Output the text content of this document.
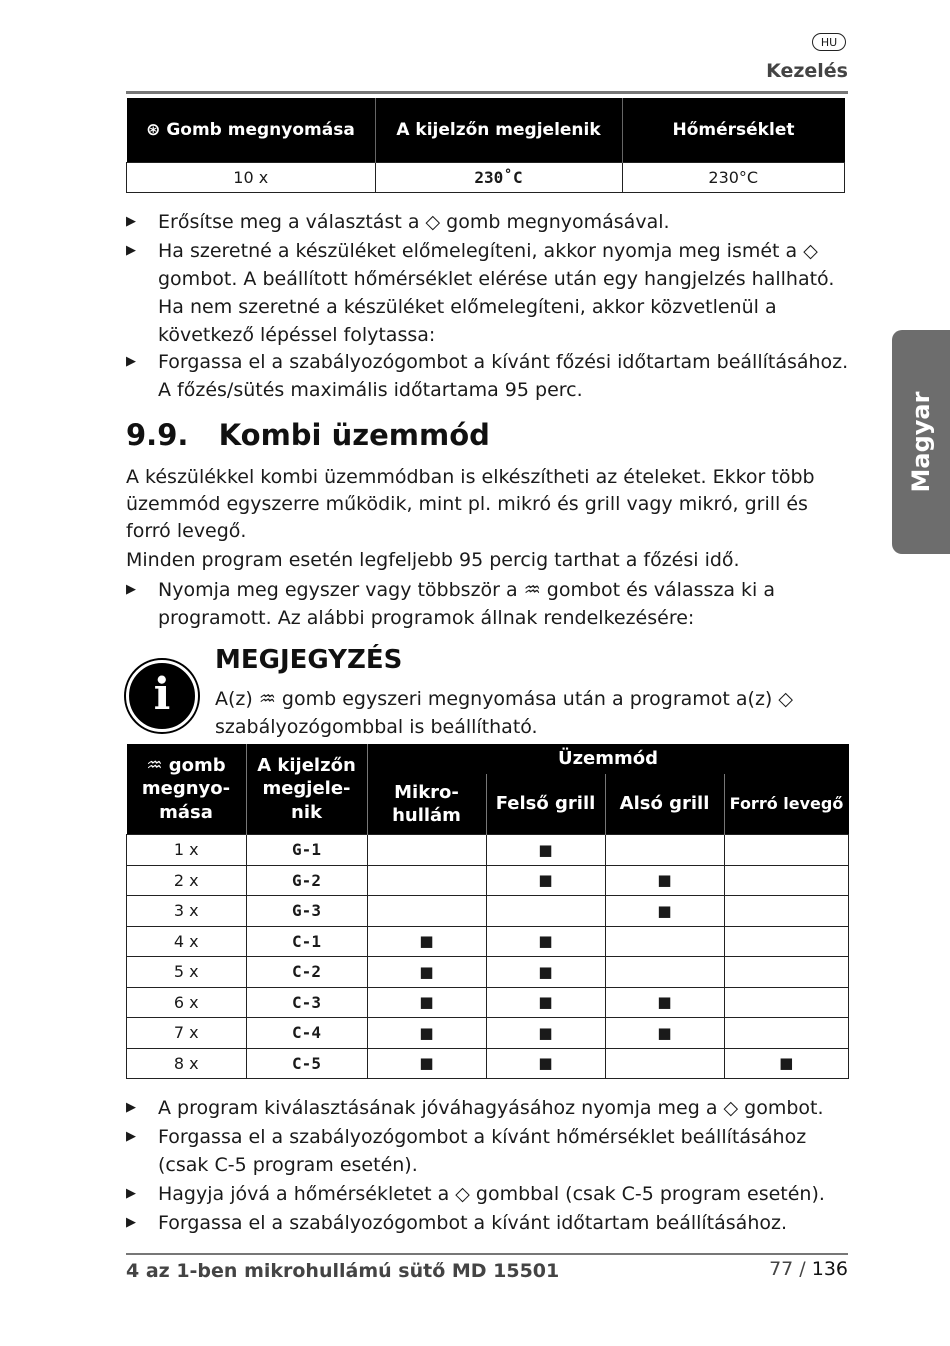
HU
Kezelés
⊛ Gomb megnyomása	A kijelzőn megjelenik	Hőmérséklet
10 x	230˚C	230°C
▶ Erősítse meg a választást a ◇ gomb megnyomásával.
▶ Ha szeretné a készüléket előmelegíteni, akkor nyomja meg ismét a ◇ gombot. A beállított hőmérséklet elérése után egy hangjelzés hallható.
Ha nem szeretné a készüléket előmelegíteni, akkor közvetlenül a következő lépéssel folytassa:
▶ Forgassa el a szabályozógombot a kívánt főzési időtartam beállításához. A főzés/sütés maximális időtartama 95 perc.
9.9.   Kombi üzemmód
A készülékkel kombi üzemmódban is elkészítheti az ételeket. Ekkor több üzemmód egyszerre működik, mint pl. mikró és grill vagy mikró, grill és forró levegő.
Minden program esetén legfeljebb 95 percig tarthat a főzési idő.
▶ Nyomja meg egyszer vagy többször a ♒ gombot és válassza ki a programott. Az alábbi programok állnak rendelkezésére:
i
MEGJEGYZÉS
A(z) ♒ gomb egyszeri megnyomása után a programot a(z) ◇ szabályozógombbal is beállítható.
♒ gomb megnyo-mása	A kijelzőn megjele-nik	Üzemmód			
		Mikro-hullám	Felső grill	Alsó grill	Forró levegő
1 x	G-1		■		
2 x	G-2		■	■	
3 x	G-3			■	
4 x	C-1	■	■		
5 x	C-2	■	■		
6 x	C-3	■	■	■	
7 x	C-4	■	■	■	
8 x	C-5	■	■		■
▶ A program kiválasztásának jóváhagyásához nyomja meg a ◇ gombot.
▶ Forgassa el a szabályozógombot a kívánt hőmérséklet beállításához (csak C-5 program esetén).
▶ Hagyja jóvá a hőmérsékletet a ◇ gombbal (csak C-5 program esetén).
▶ Forgassa el a szabályozógombot a kívánt időtartam beállításához.
Magyar
4 az 1-ben mikrohullámú sütő MD 15501	77 / 136
